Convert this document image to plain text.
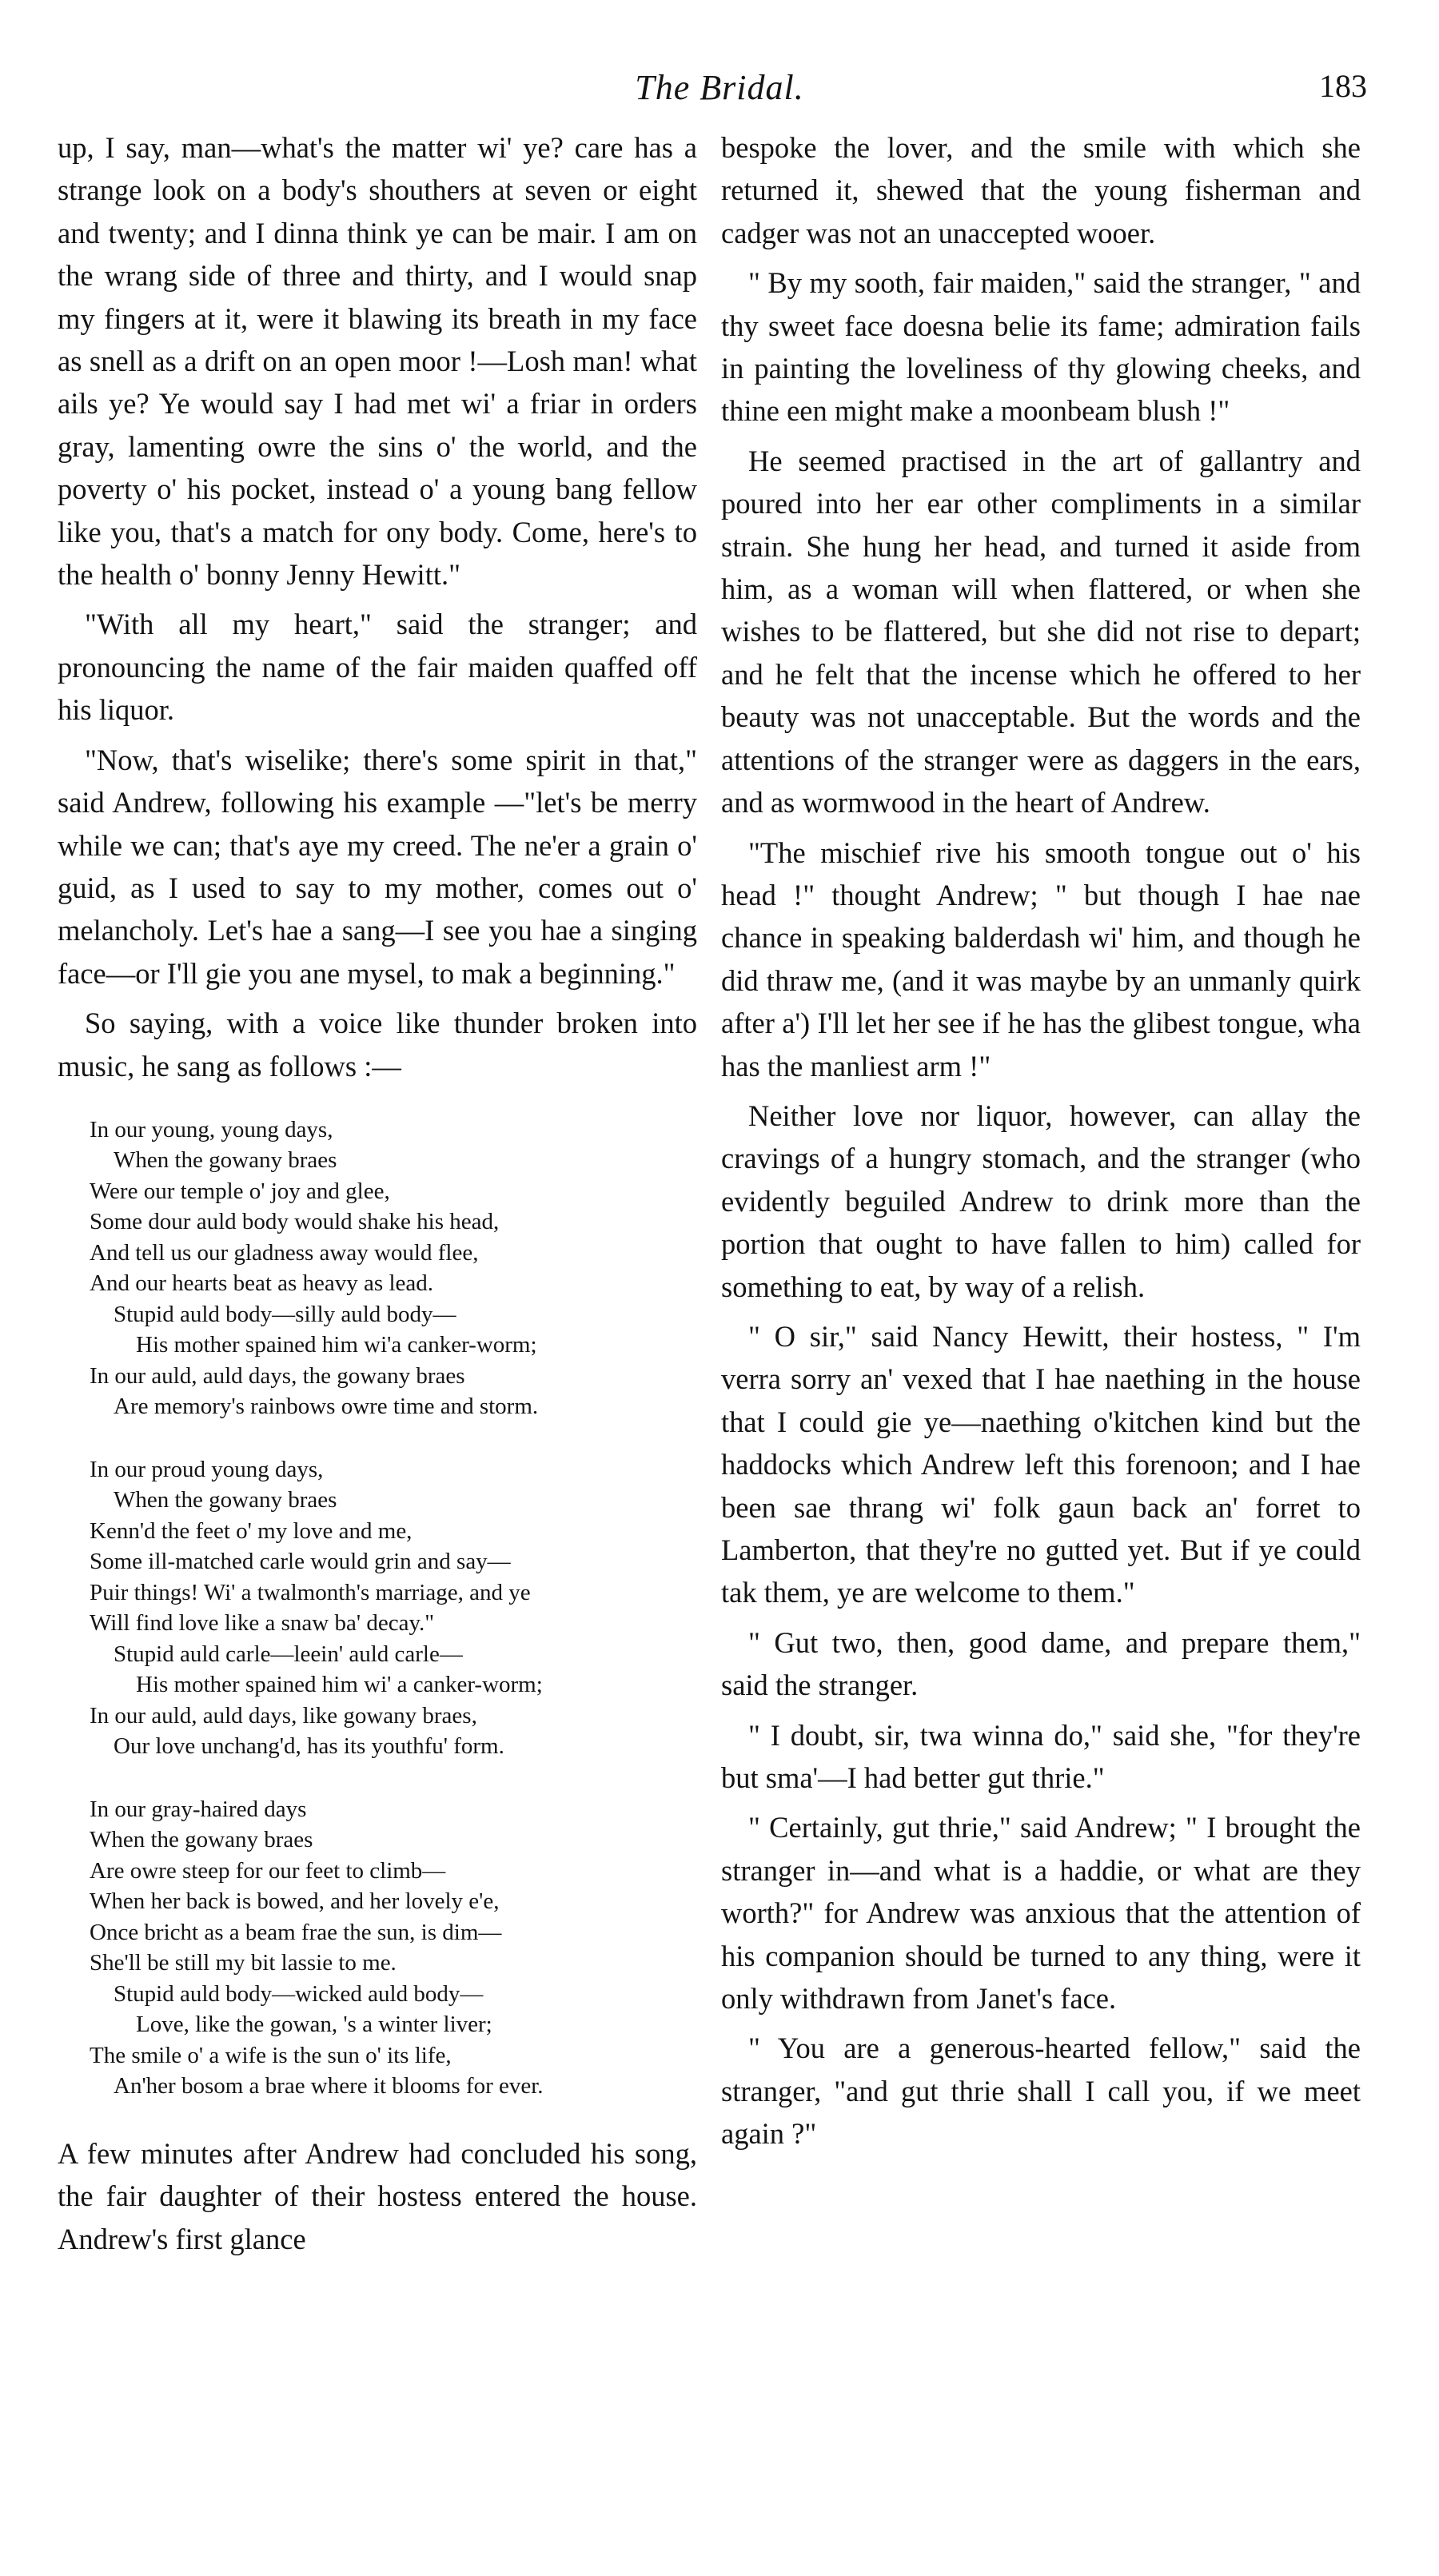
The Bridal.	183

up, I say, man—what's the matter wi' ye? care has a strange look on a body's shouthers at seven or eight and twenty; and I dinna think ye can be mair. I am on the wrang side of three and thirty, and I would snap my fingers at it, were it blawing its breath in my face as snell as a drift on an open moor !—Losh man! what ails ye? Ye would say I had met wi' a friar in orders gray, lamenting owre the sins o' the world, and the poverty o' his pocket, instead o' a young bang fellow like you, that's a match for ony body. Come, here's to the health o' bonny Jenny Hewitt."

"With all my heart," said the stranger; and pronouncing the name of the fair maiden quaffed off his liquor.

"Now, that's wiselike; there's some spirit in that," said Andrew, following his example —"let's be merry while we can; that's aye my creed. The ne'er a grain o' guid, as I used to say to my mother, comes out o' melancholy. Let's hae a sang—I see you hae a singing face—or I'll gie you ane mysel, to mak a beginning."

So saying, with a voice like thunder broken into music, he sang as follows :—

In our young, young days,
When the gowany braes
Were our temple o' joy and glee,
Some dour auld body would shake his head,
And tell us our gladness away would flee,
And our hearts beat as heavy as lead.
Stupid auld body—silly auld body—
His mother spained him wi'a canker-worm;
In our auld, auld days, the gowany braes
Are memory's rainbows owre time and storm.
In our proud young days,
When the gowany braes
Kenn'd the feet o' my love and me,
Some ill-matched carle would grin and say—
Puir things! Wi' a twalmonth's marriage, and ye
Will find love like a snaw ba' decay."
Stupid auld carle—leein' auld carle—
His mother spained him wi' a canker-worm;
In our auld, auld days, like gowany braes,
Our love unchang'd, has its youthfu' form.
In our gray-haired days
When the gowany braes
Are owre steep for our feet to climb—
When her back is bowed, and her lovely e'e,
Once bricht as a beam frae the sun, is dim—
She'll be still my bit lassie to me.
Stupid auld body—wicked auld body—
Love, like the gowan, 's a winter liver;
The smile o' a wife is the sun o' its life,
An'her bosom a brae where it blooms for ever.

A few minutes after Andrew had concluded his song, the fair daughter of their hostess entered the house. Andrew's first glance

bespoke the lover, and the smile with which she returned it, shewed that the young fisherman and cadger was not an unaccepted wooer.

" By my sooth, fair maiden," said the stranger, " and thy sweet face doesna belie its fame; admiration fails in painting the loveliness of thy glowing cheeks, and thine een might make a moonbeam blush !"

He seemed practised in the art of gallantry and poured into her ear other compliments in a similar strain. She hung her head, and turned it aside from him, as a woman will when flattered, or when she wishes to be flattered, but she did not rise to depart; and he felt that the incense which he offered to her beauty was not unacceptable. But the words and the attentions of the stranger were as daggers in the ears, and as wormwood in the heart of Andrew.

"The mischief rive his smooth tongue out o' his head !" thought Andrew; " but though I hae nae chance in speaking balderdash wi' him, and though he did thraw me, (and it was maybe by an unmanly quirk after a') I'll let her see if he has the glibest tongue, wha has the manliest arm !"

Neither love nor liquor, however, can allay the cravings of a hungry stomach, and the stranger (who evidently beguiled Andrew to drink more than the portion that ought to have fallen to him) called for something to eat, by way of a relish.

" O sir," said Nancy Hewitt, their hostess, " I'm verra sorry an' vexed that I hae naething in the house that I could gie ye—naething o'kitchen kind but the haddocks which Andrew left this forenoon; and I hae been sae thrang wi' folk gaun back an' forret to Lamberton, that they're no gutted yet. But if ye could tak them, ye are welcome to them."

" Gut two, then, good dame, and prepare them," said the stranger.

" I doubt, sir, twa winna do," said she, "for they're but sma'—I had better gut thrie."

" Certainly, gut thrie," said Andrew; " I brought the stranger in—and what is a haddie, or what are they worth?" for Andrew was anxious that the attention of his companion should be turned to any thing, were it only withdrawn from Janet's face.

" You are a generous-hearted fellow," said the stranger, "and gut thrie shall I call you, if we meet again ?"
